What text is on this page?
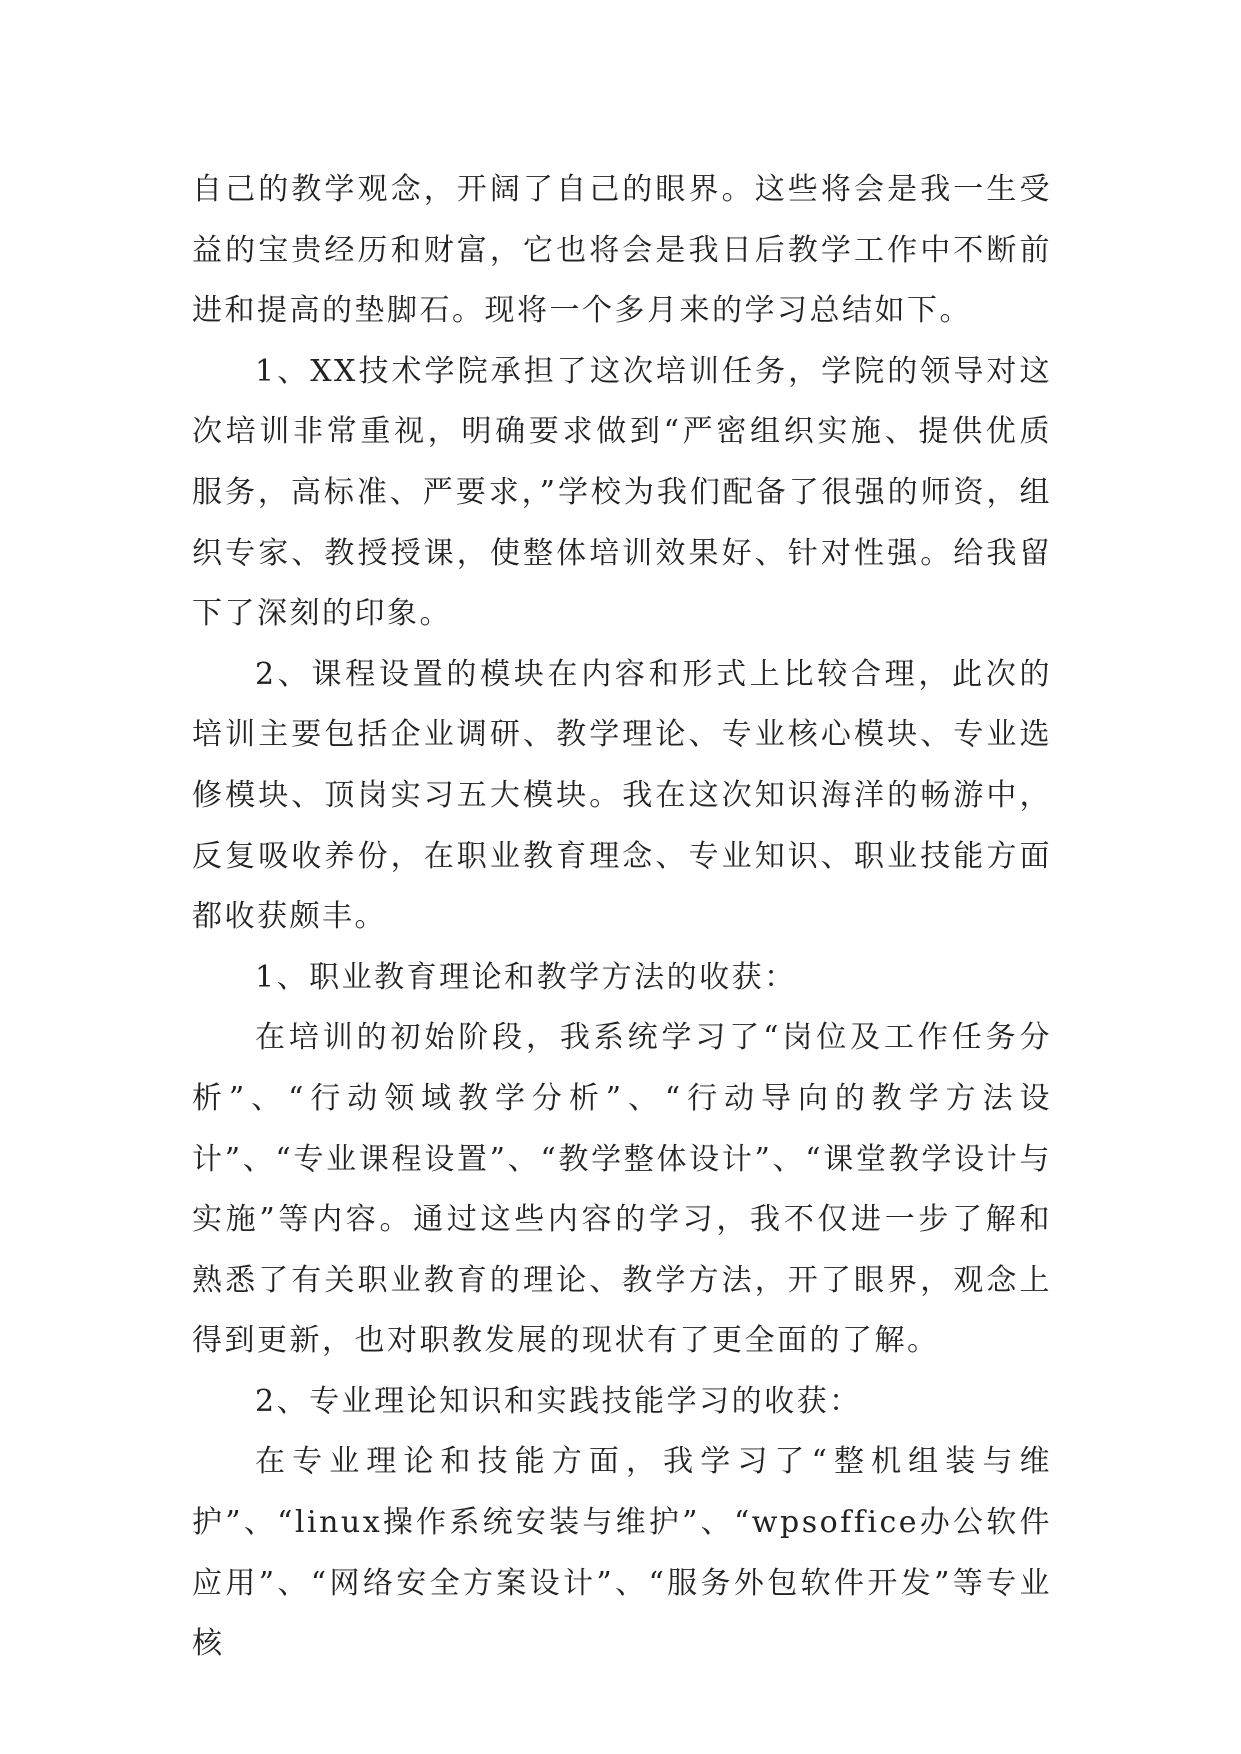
自己的教学观念，开阔了自己的眼界。这些将会是我一生受益的宝贵经历和财富，它也将会是我日后教学工作中不断前进和提高的垫脚石。现将一个多月来的学习总结如下。

1、XX技术学院承担了这次培训任务，学院的领导对这次培训非常重视，明确要求做到“严密组织实施、提供优质服务，高标准、严要求，”学校为我们配备了很强的师资，组织专家、教授授课，使整体培训效果好、针对性强。给我留下了深刻的印象。

2、课程设置的模块在内容和形式上比较合理，此次的培训主要包括企业调研、教学理论、专业核心模块、专业选修模块、顶岗实习五大模块。我在这次知识海洋的畅游中，反复吸收养份，在职业教育理念、专业知识、职业技能方面都收获颇丰。

1、职业教育理论和教学方法的收获：

在培训的初始阶段，我系统学习了“岗位及工作任务分析”、“行动领域教学分析”、“行动导向的教学方法设计”、“专业课程设置”、“教学整体设计”、“课堂教学设计与实施”等内容。通过这些内容的学习，我不仅进一步了解和熟悉了有关职业教育的理论、教学方法，开了眼界，观念上得到更新，也对职教发展的现状有了更全面的了解。

2、专业理论知识和实践技能学习的收获：

在专业理论和技能方面，我学习了“整机组装与维护”、“linux操作系统安装与维护”、“wpsoffice办公软件应用”、“网络安全方案设计”、“服务外包软件开发”等专业核
